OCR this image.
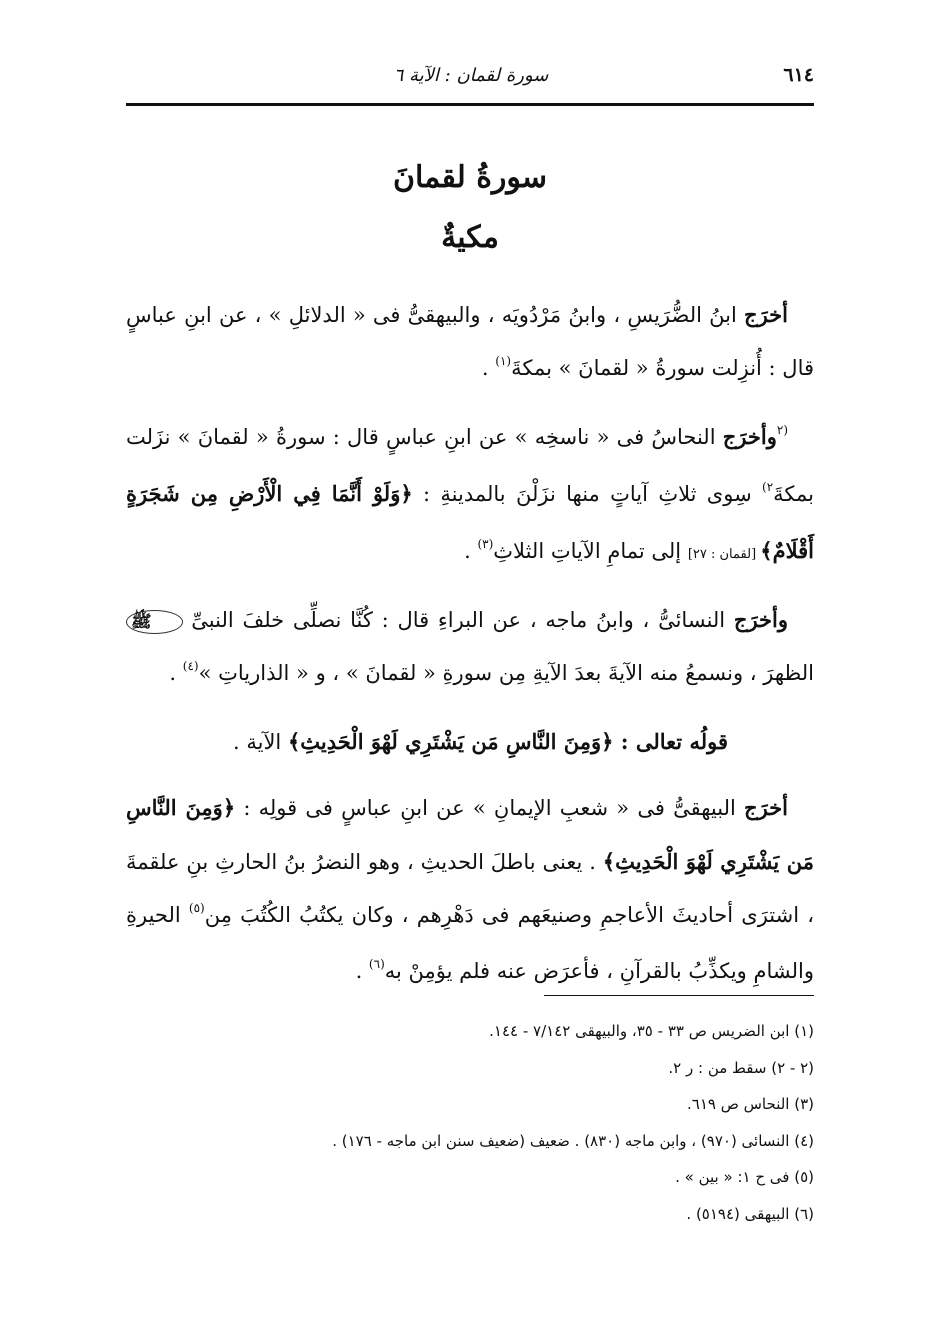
٦١٤
سورة لقمان : الآية ٦
سورةُ لقمانَ
مكيةٌ

أخرَج ابنُ الضُّرَيسِ ، وابنُ مَرْدُويَه ، والبيهقىُّ فى « الدلائلِ » ، عن ابنِ عباسٍ قال : أُنزِلت سورةُ « لقمانَ » بمكةَ$^{(١)}$ .

$^{(٢}$وأخرَج النحاسُ فى « ناسخِه » عن ابنِ عباسٍ قال : سورةُ « لقمانَ » نزَلت بمكةَ$^{٢)}$ سِوى ثلاثِ آياتٍ منها نزَلْنَ بالمدينةِ : ﴿وَلَوْ أَنَّمَا فِي الْأَرْضِ مِن شَجَرَةٍ أَقْلَامٌ﴾ [لقمان : ٢٧] إلى تمامِ الآياتِ الثلاثِ$^{(٣)}$ .

وأخرَج النسائىُّ ، وابنُ ماجه ، عن البراءِ قال : كُنَّا نصلِّى خلفَ النبىِّ ﷺ الظهرَ ، ونسمعُ منه الآيةَ بعدَ الآيةِ مِن سورةِ « لقمانَ » ، و « الذارياتِ »$^{(٤)}$ .

قولُه تعالى : ﴿وَمِنَ النَّاسِ مَن يَشْتَرِي لَهْوَ الْحَدِيثِ﴾ الآية .

أخرَج البيهقىُّ فى « شعبِ الإيمانِ » عن ابنِ عباسٍ فى قولِه : ﴿وَمِنَ النَّاسِ مَن يَشْتَرِي لَهْوَ الْحَدِيثِ﴾ . يعنى باطلَ الحديثِ ، وهو النضرُ بنُ الحارثِ بنِ علقمةَ ، اشترَى أحاديثَ الأعاجمِ وصنيعَهم فى دَهْرِهم ، وكان يكتُبُ الكُتُبَ مِن$^{(٥)}$ الحيرةِ والشامِ ويكذِّبُ بالقرآنِ ، فأعرَض عنه فلم يؤمِنْ به$^{(٦)}$ .

(١) ابن الضريس ص ٣٣ - ٣٥، والبيهقى ٧/١٤٢ - ١٤٤.
(٢ - ٢) سقط من : ر ٢.
(٣) النحاس ص ٦١٩.
(٤) النسائى (٩٧٠) ، وابن ماجه (٨٣٠) . ضعيف (ضعيف سنن ابن ماجه - ١٧٦) .
(٥) فى ح ١: « بين » .
(٦) البيهقى (٥١٩٤) .
